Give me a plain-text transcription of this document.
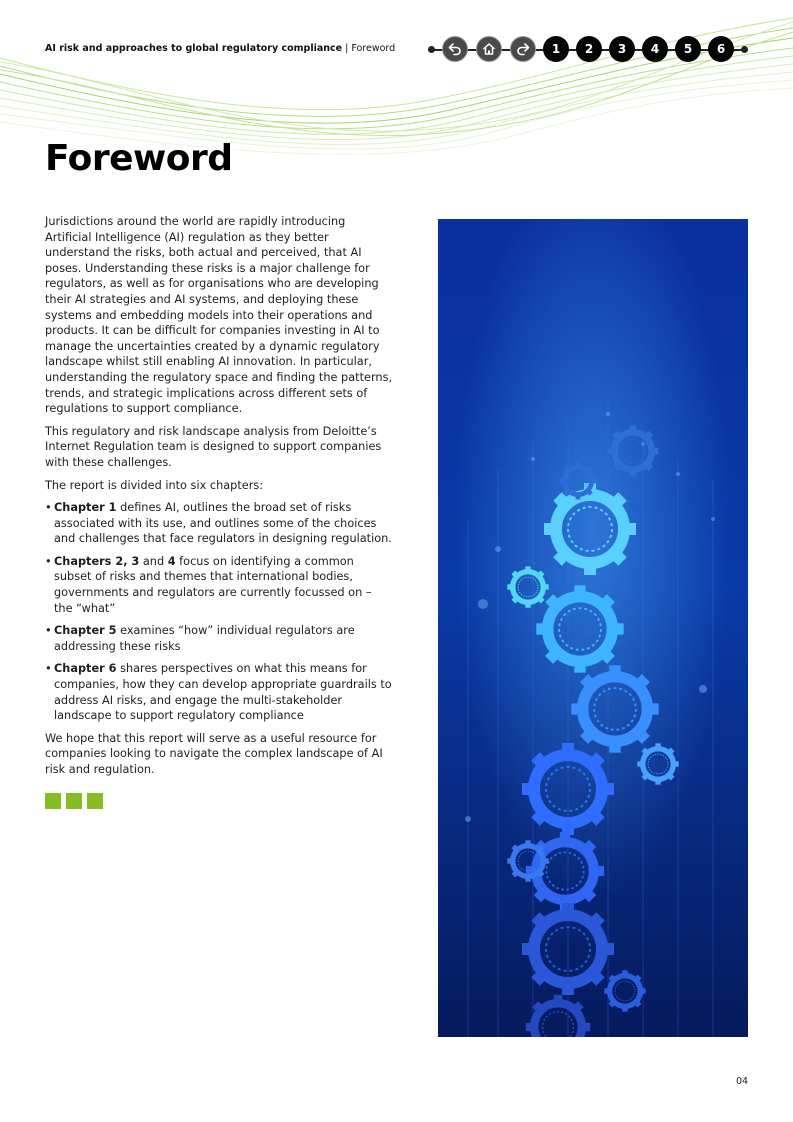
AI risk and approaches to global regulatory compliance | Foreword	1	2	3	4	5	6
Foreword

Jurisdictions around the world are rapidly introducing Artificial Intelligence (AI) regulation as they better understand the risks, both actual and perceived, that AI poses. Understanding these risks is a major challenge for regulators, as well as for organisations who are developing their AI strategies and AI systems, and deploying these systems and embedding models into their operations and products. It can be difficult for companies investing in AI to manage the uncertainties created by a dynamic regulatory landscape whilst still enabling AI innovation. In particular, understanding the regulatory space and finding the patterns, trends, and strategic implications across different sets of regulations to support compliance.

This regulatory and risk landscape analysis from Deloitte’s Internet Regulation team is designed to support companies with these challenges.

The report is divided into six chapters:

• Chapter 1 defines AI, outlines the broad set of risks associated with its use, and outlines some of the choices and challenges that face regulators in designing regulation.
• Chapters 2, 3 and 4 focus on identifying a common subset of risks and themes that international bodies, governments and regulators are currently focussed on – the “what”
• Chapter 5 examines “how” individual regulators are addressing these risks
• Chapter 6 shares perspectives on what this means for companies, how they can develop appropriate guardrails to address AI risks, and engage the multi-stakeholder landscape to support regulatory compliance

We hope that this report will serve as a useful resource for companies looking to navigate the complex landscape of AI risk and regulation.

04
